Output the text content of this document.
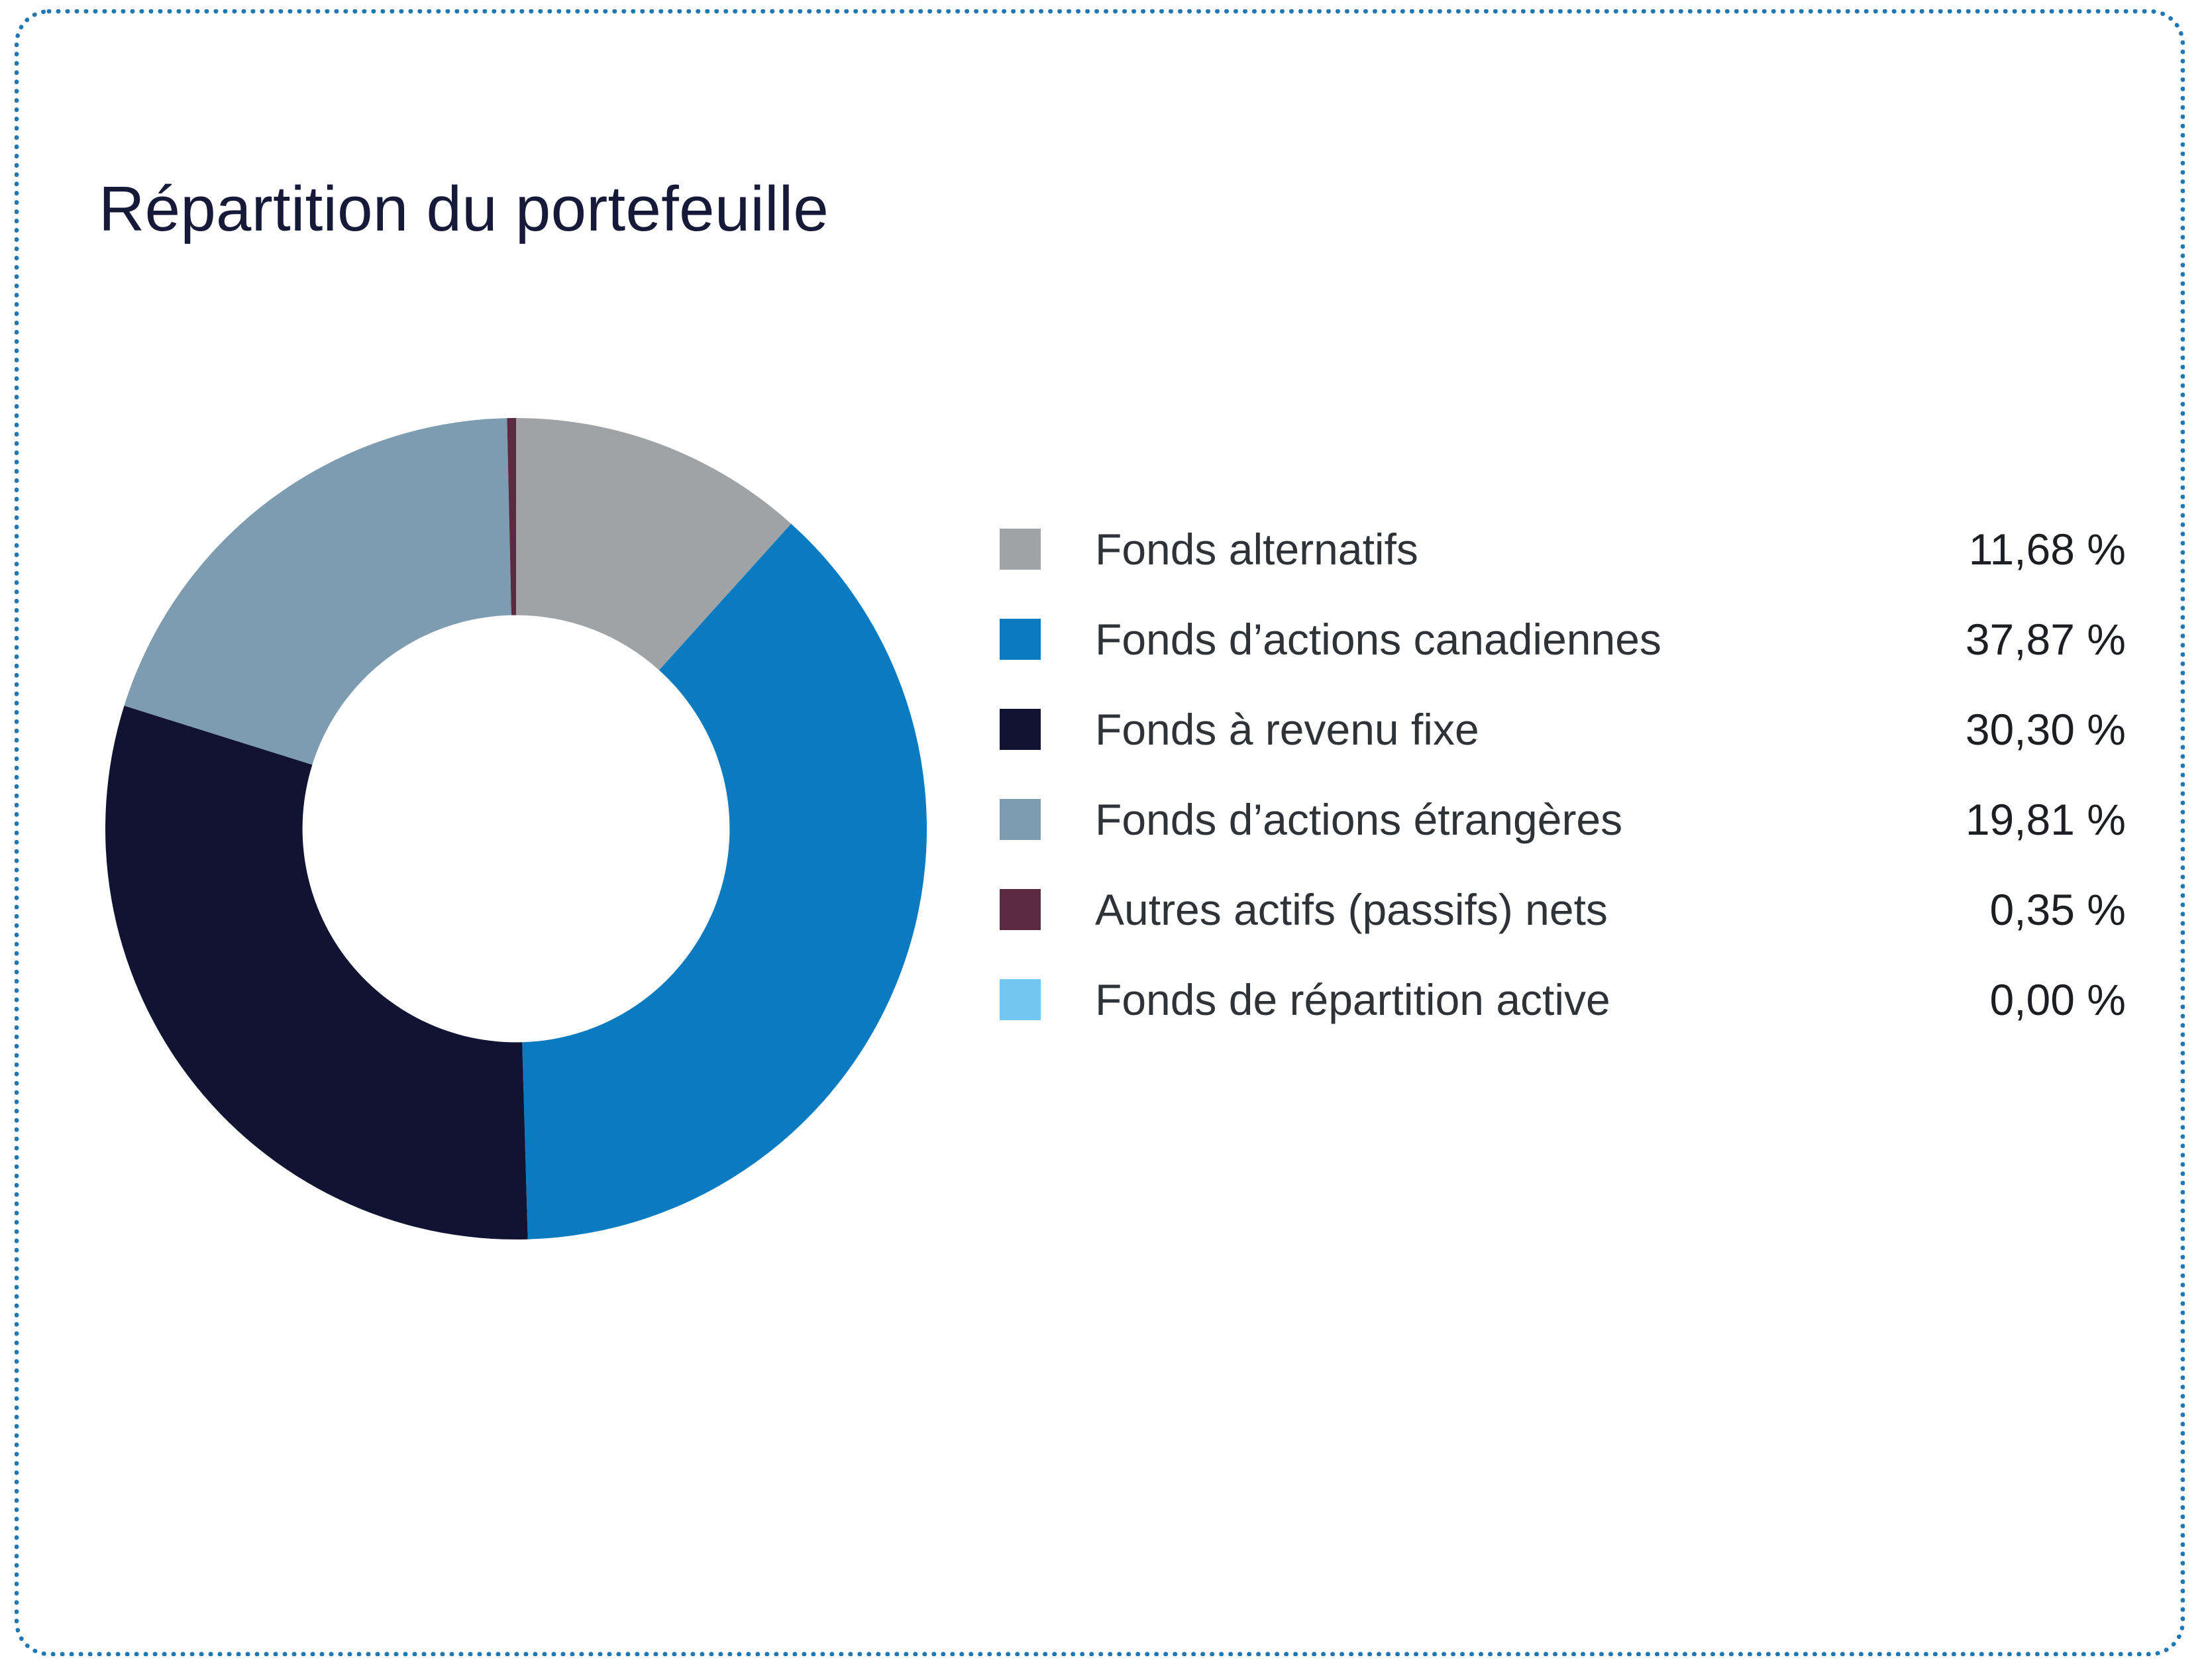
Répartition du portefeuille
Fonds alternatifs	11,68 %
Fonds d’actions canadiennes	37,87 %
Fonds à revenu fixe	30,30 %
Fonds d’actions étrangères	19,81 %
Autres actifs (passifs) nets	0,35 %
Fonds de répartition active	0,00 %
